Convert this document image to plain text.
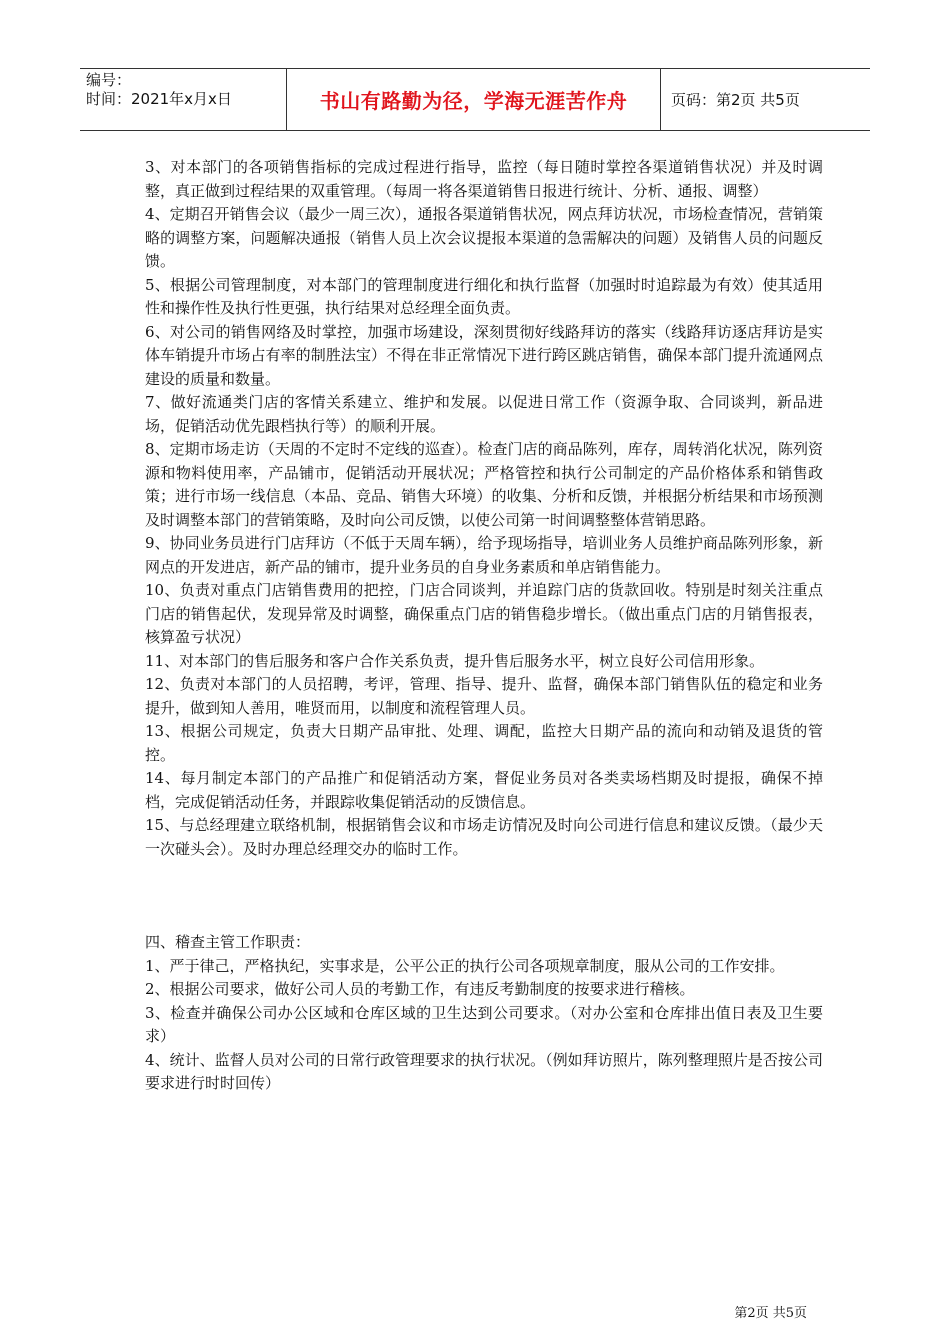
编号：
时间：2021年x月x日	书山有路勤为径，学海无涯苦作舟	页码：第2页 共5页

3、对本部门的各项销售指标的完成过程进行指导，监控（每日随时掌控各渠道销售状况）并及时调整，真正做到过程结果的双重管理。（每周一将各渠道销售日报进行统计、分析、通报、调整）

4、定期召开销售会议（最少一周三次），通报各渠道销售状况，网点拜访状况，市场检查情况，营销策略的调整方案，问题解决通报（销售人员上次会议提报本渠道的急需解决的问题）及销售人员的问题反馈。

5、根据公司管理制度，对本部门的管理制度进行细化和执行监督（加强时时追踪最为有效）使其适用性和操作性及执行性更强，执行结果对总经理全面负责。

6、对公司的销售网络及时掌控，加强市场建设，深刻贯彻好线路拜访的落实（线路拜访逐店拜访是实体车销提升市场占有率的制胜法宝）不得在非正常情况下进行跨区跳店销售，确保本部门提升流通网点建设的质量和数量。

7、做好流通类门店的客情关系建立、维护和发展。以促进日常工作（资源争取、合同谈判，新品进场，促销活动优先跟档执行等）的顺利开展。

8、定期市场走访（天周的不定时不定线的巡查）。检查门店的商品陈列，库存，周转消化状况，陈列资源和物料使用率，产品铺市，促销活动开展状况；严格管控和执行公司制定的产品价格体系和销售政策；进行市场一线信息（本品、竞品、销售大环境）的收集、分析和反馈，并根据分析结果和市场预测及时调整本部门的营销策略，及时向公司反馈，以使公司第一时间调整整体营销思路。

9、协同业务员进行门店拜访（不低于天周车辆），给予现场指导，培训业务人员维护商品陈列形象，新网点的开发进店，新产品的铺市，提升业务员的自身业务素质和单店销售能力。

10、负责对重点门店销售费用的把控，门店合同谈判，并追踪门店的货款回收。特别是时刻关注重点门店的销售起伏，发现异常及时调整，确保重点门店的销售稳步增长。（做出重点门店的月销售报表，核算盈亏状况）

11、对本部门的售后服务和客户合作关系负责，提升售后服务水平，树立良好公司信用形象。

12、负责对本部门的人员招聘，考评，管理、指导、提升、监督，确保本部门销售队伍的稳定和业务提升，做到知人善用，唯贤而用，以制度和流程管理人员。

13、根据公司规定，负责大日期产品审批、处理、调配，监控大日期产品的流向和动销及退货的管控。

14、每月制定本部门的产品推广和促销活动方案，督促业务员对各类卖场档期及时提报，确保不掉档，完成促销活动任务，并跟踪收集促销活动的反馈信息。

15、与总经理建立联络机制，根据销售会议和市场走访情况及时向公司进行信息和建议反馈。（最少天一次碰头会）。及时办理总经理交办的临时工作。

四、稽查主管工作职责：

1、严于律己，严格执纪，实事求是，公平公正的执行公司各项规章制度，服从公司的工作安排。

2、根据公司要求，做好公司人员的考勤工作，有违反考勤制度的按要求进行稽核。

3、检查并确保公司办公区域和仓库区域的卫生达到公司要求。（对办公室和仓库排出值日表及卫生要求）

4、统计、监督人员对公司的日常行政管理要求的执行状况。（例如拜访照片，陈列整理照片是否按公司要求进行时时回传）

第2页 共5页
